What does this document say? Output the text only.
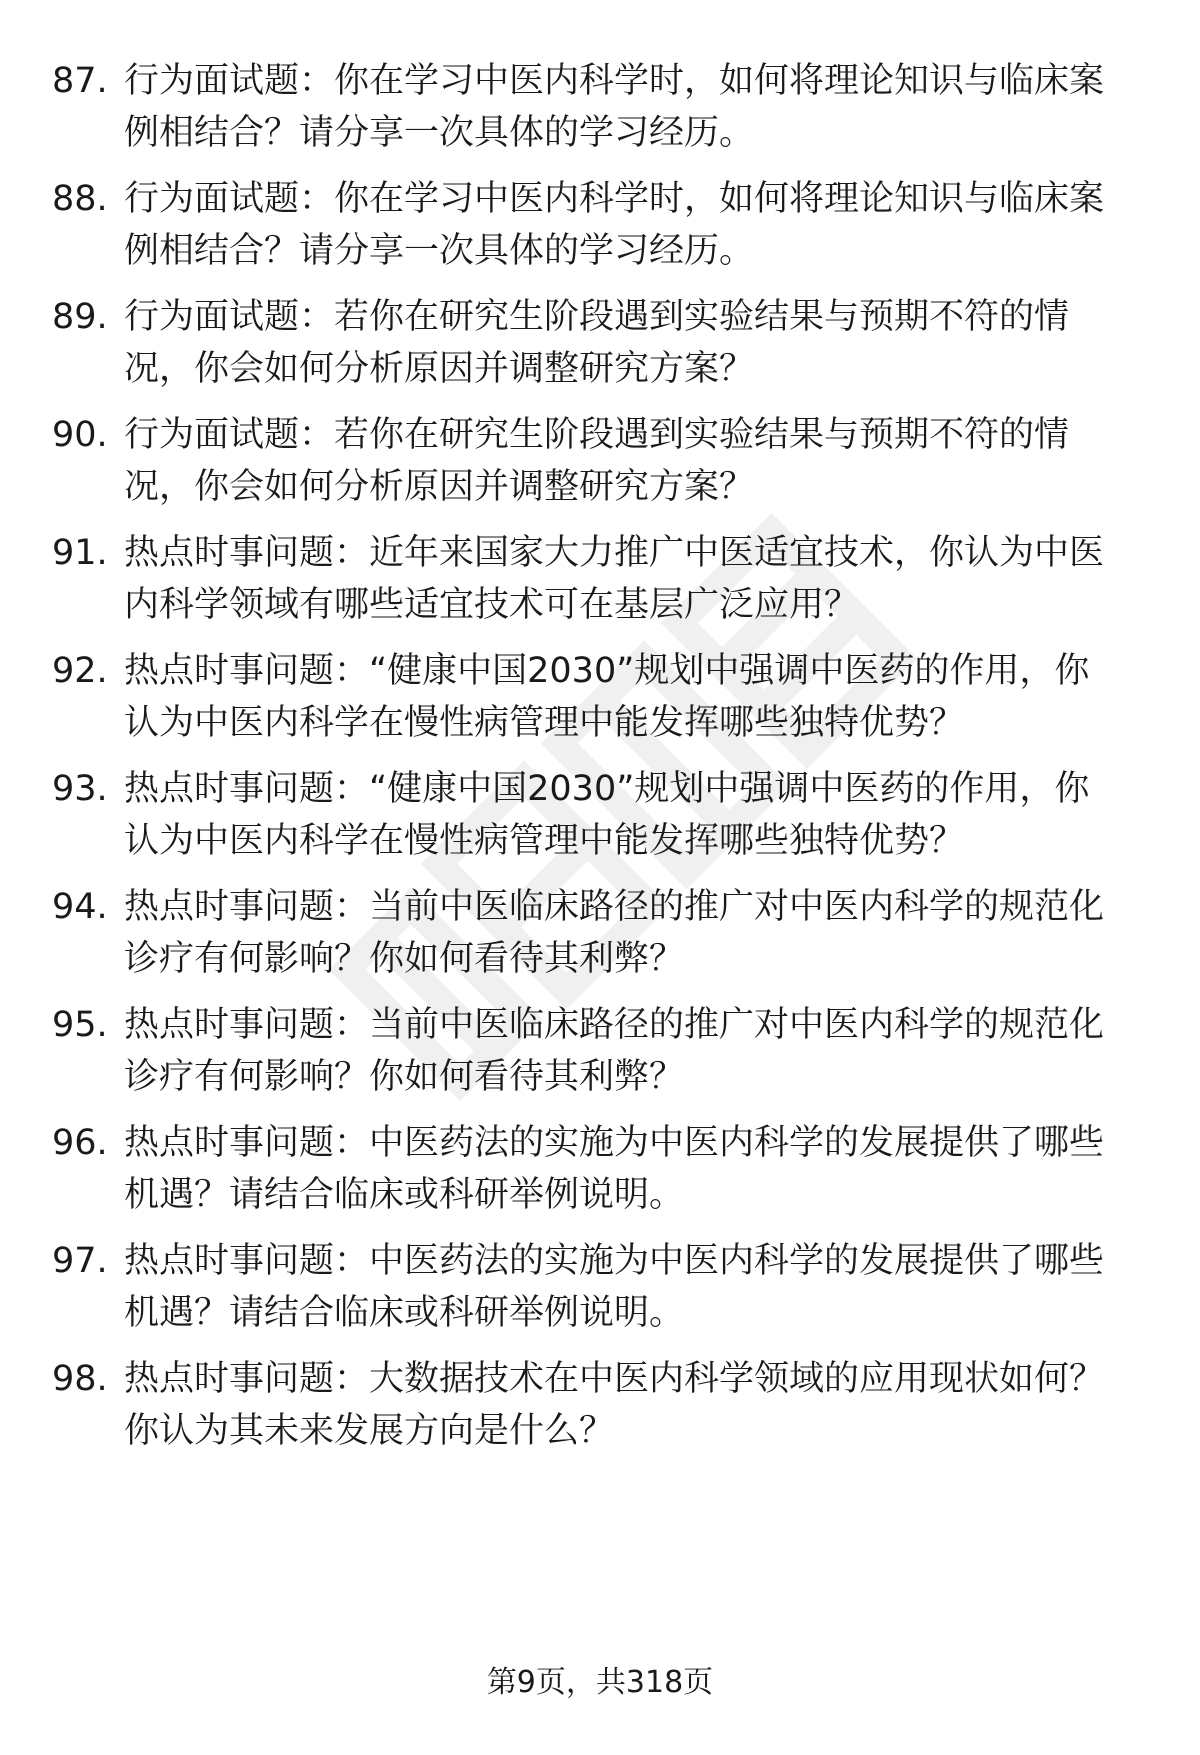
87. 行为面试题：你在学习中医内科学时，如何将理论知识与临床案
例相结合？请分享一次具体的学习经历。
88. 行为面试题：你在学习中医内科学时，如何将理论知识与临床案
例相结合？请分享一次具体的学习经历。
89. 行为面试题：若你在研究生阶段遇到实验结果与预期不符的情
况，你会如何分析原因并调整研究方案？
90. 行为面试题：若你在研究生阶段遇到实验结果与预期不符的情
况，你会如何分析原因并调整研究方案？
91. 热点时事问题：近年来国家大力推广中医适宜技术，你认为中医
内科学领域有哪些适宜技术可在基层广泛应用？
92. 热点时事问题：“健康中国2030”规划中强调中医药的作用，你
认为中医内科学在慢性病管理中能发挥哪些独特优势？
93. 热点时事问题：“健康中国2030”规划中强调中医药的作用，你
认为中医内科学在慢性病管理中能发挥哪些独特优势？
94. 热点时事问题：当前中医临床路径的推广对中医内科学的规范化
诊疗有何影响？你如何看待其利弊？
95. 热点时事问题：当前中医临床路径的推广对中医内科学的规范化
诊疗有何影响？你如何看待其利弊？
96. 热点时事问题：中医药法的实施为中医内科学的发展提供了哪些
机遇？请结合临床或科研举例说明。
97. 热点时事问题：中医药法的实施为中医内科学的发展提供了哪些
机遇？请结合临床或科研举例说明。
98. 热点时事问题：大数据技术在中医内科学领域的应用现状如何？
你认为其未来发展方向是什么？
第9页，共318页
